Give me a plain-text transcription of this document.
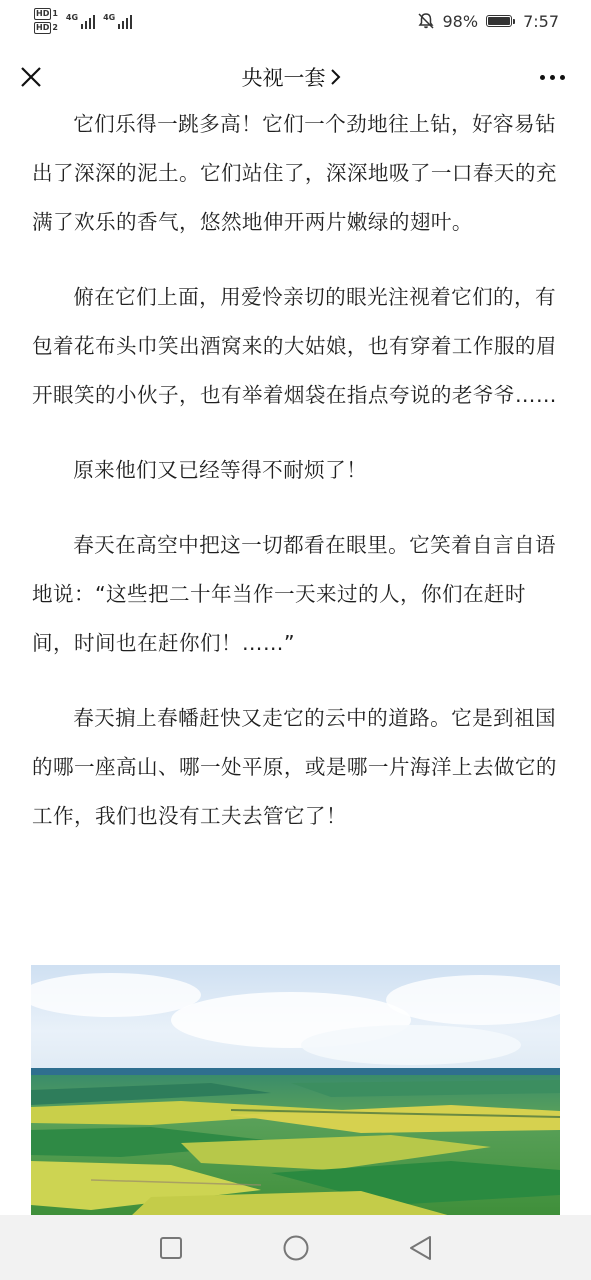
HD 1
HD 2
4G	4G	98%	7:57
央视一套

它们乐得一跳多高！它们一个劲地往上钻，好容易钻出了深深的泥土。它们站住了，深深地吸了一口春天的充满了欢乐的香气，悠然地伸开两片嫩绿的翅叶。

俯在它们上面，用爱怜亲切的眼光注视着它们的，有包着花布头巾笑出酒窝来的大姑娘，也有穿着工作服的眉开眼笑的小伙子，也有举着烟袋在指点夸说的老爷爷……

原来他们又已经等得不耐烦了！

春天在高空中把这一切都看在眼里。它笑着自言自语地说：“这些把二十年当作一天来过的人，你们在赶时间，时间也在赶你们！……”

春天掮上春幡赶快又走它的云中的道路。它是到祖国的哪一座高山、哪一处平原，或是哪一片海洋上去做它的工作，我们也没有工夫去管它了！
